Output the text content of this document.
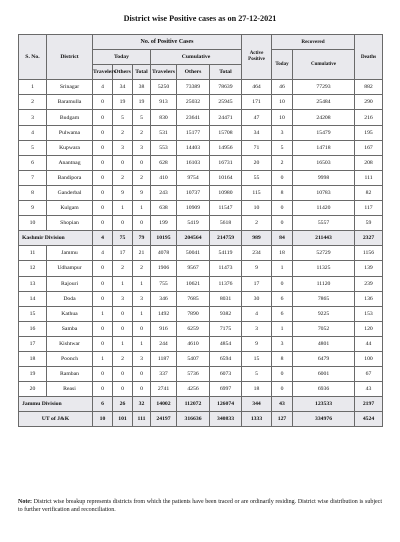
District wise Positive cases as on 27-12-2021
S. No.	District	No. of Positive Cases						Active Positive	Recovered		Deaths
		Today			Cumulative				Today	Cumulative	
		Travelers	Others	Total	Travelers	Others	Total				
1	Srinagar	4	34	38	5250	73389	78639	464	46	77293	882
2	Baramulla	0	19	19	913	25032	25945	171	10	25484	290
3	Budgam	0	5	5	830	23641	24471	47	10	24208	216
4	Pulwama	0	2	2	531	15177	15708	34	3	15479	195
5	Kupwara	0	3	3	553	14403	14956	71	5	14718	167
6	Anantnag	0	0	0	628	16103	16731	20	2	16503	208
7	Bandipora	0	2	2	410	9754	10164	55	0	9998	111
8	Ganderbal	0	9	9	243	10737	10980	115	8	10783	82
9	Kulgam	0	1	1	638	10909	11547	10	0	11420	117
10	Shopian	0	0	0	199	5419	5618	2	0	5557	59
Kashmir Division		4	75	79	10195	204564	214759	989	84	211443	2327
11	Jammu	4	17	21	4078	50041	54119	234	18	52729	1156
12	Udhampur	0	2	2	1906	9567	11473	9	1	11325	139
13	Rajouri	0	1	1	755	10621	11376	17	0	11120	239
14	Doda	0	3	3	346	7685	8031	30	6	7865	136
15	Kathua	1	0	1	1492	7890	9382	4	6	9225	153
16	Samba	0	0	0	916	6259	7175	3	1	7052	120
17	Kishtwar	0	1	1	244	4610	4854	9	3	4801	44
18	Poonch	1	2	3	1187	5407	6594	15	8	6479	100
19	Ramban	0	0	0	337	5736	6073	5	0	6001	67
20	Reasi	0	0	0	2741	4256	6997	18	0	6936	43
Jammu Division		6	26	32	14002	112072	126074	344	43	123533	2197
UT of J&K		10	101	111	24197	316636	340833	1333	127	334976	4524
Note: District wise breakup represents districts from which the patients have been traced or are ordinarily residing. District wise distribution is subject to further verification and reconciliation.
